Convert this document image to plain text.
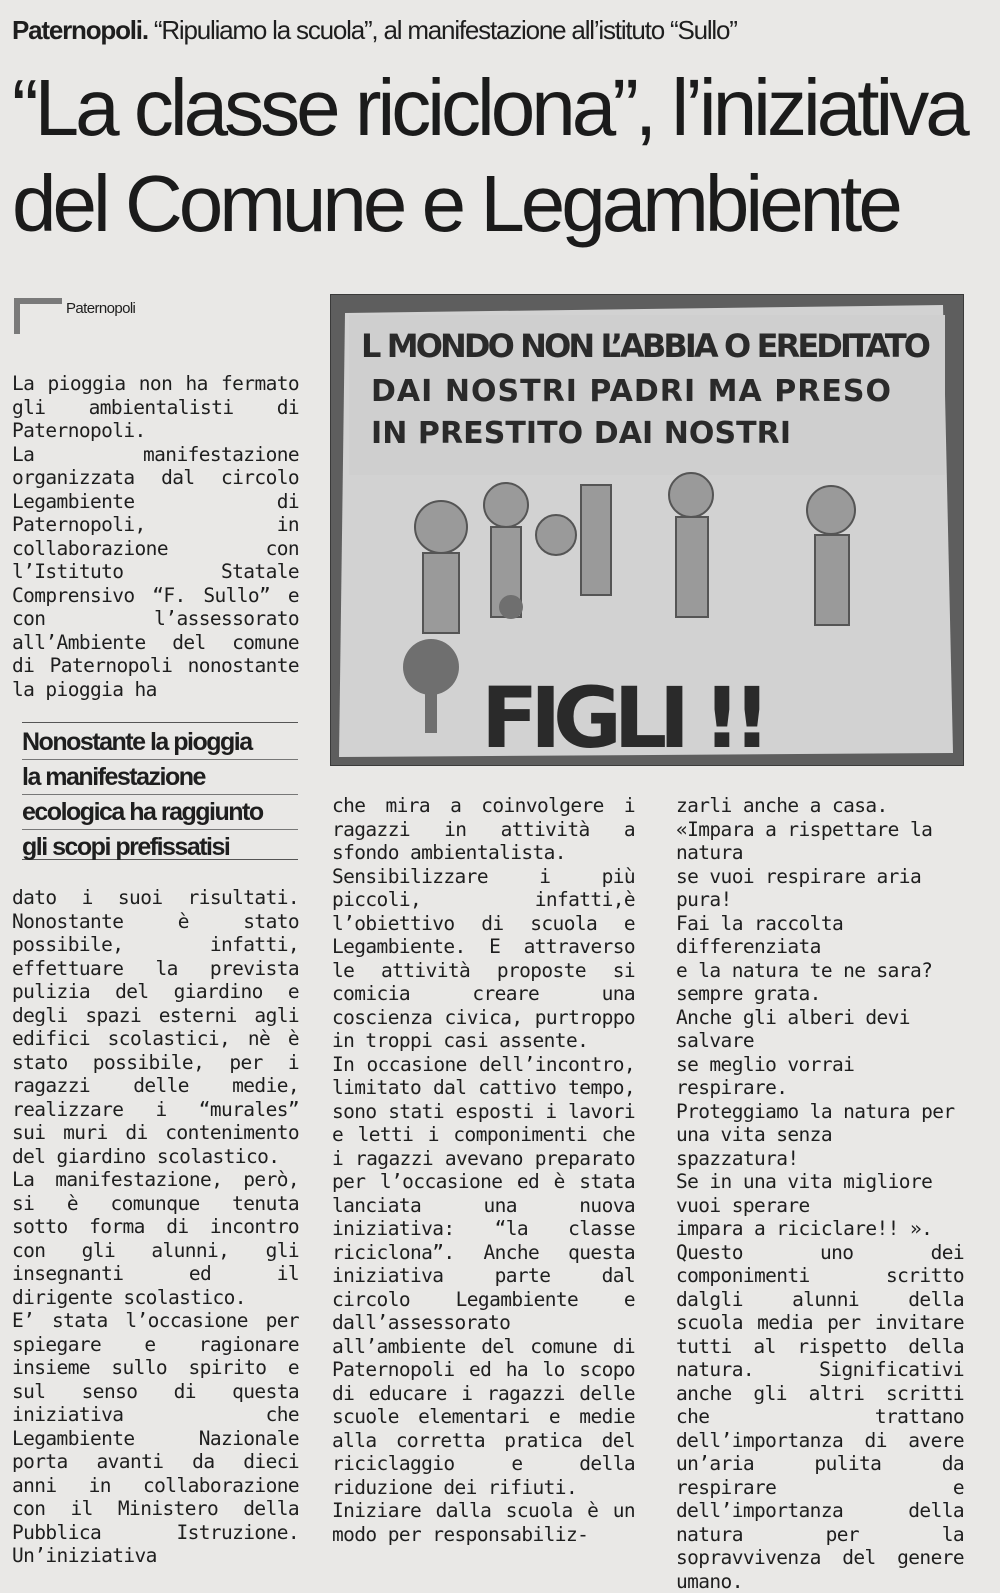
Paternopoli. “Ripuliamo la scuola”, al manifestazione all’istituto “Sullo”
“La classe riciclona”, l’iniziativa
del Comune e Legambiente
Paternopoli
L MONDO NON L’ABBIA O EREDITATO
DAI NOSTRI PADRI MA PRESO
IN PRESTITO DAI NOSTRI
FIGLI !!

La pioggia non ha fermato gli ambientalisti di Paternopoli.

La manifestazione organizzata dal circolo Legambiente di Paternopoli, in collaborazione con l’Istituto Statale Comprensivo “F. Sullo” e con l’assessorato all’Ambiente del comune di Paternopoli nonostante la pioggia ha

Nonostante la pioggia
la manifestazione
ecologica ha raggiunto
gli scopi prefissatisi

dato i suoi risultati. Nonostante è stato possibile, infatti, effettuare la prevista pulizia del giardino e degli spazi esterni agli edifici scolastici, nè è stato possibile, per i ragazzi delle medie, realizzare i “murales” sui muri di contenimento del giardino scolastico.

La manifestazione, però, si è comunque tenuta sotto forma di incontro con gli alunni, gli insegnanti ed il dirigente scolastico.

E’ stata l’occasione per spiegare e ragionare insieme sullo spirito e sul senso di questa iniziativa che Legambiente Nazionale porta avanti da dieci anni in collaborazione con il Ministero della Pubblica Istruzione. Un’iniziativa

che mira a coinvolgere i ragazzi in attività a sfondo ambientalista.

Sensibilizzare i più piccoli, infatti,è l’obiettivo di scuola e Legambiente. E attraverso le attività proposte si comicia creare una coscienza civica, purtroppo in troppi casi assente.

In occasione dell’incontro, limitato dal cattivo tempo, sono stati esposti i lavori e letti i componimenti che i ragazzi avevano preparato per l’occasione ed è stata lanciata una nuova iniziativa: “la classe riciclona”. Anche questa iniziativa parte dal circolo Legambiente e dall’assessorato all’ambiente del comune di Paternopoli ed ha lo scopo di educare i ragazzi delle scuole elementari e medie alla corretta pratica del riciclaggio e della riduzione dei rifiuti.

Iniziare dalla scuola è un modo per responsabiliz-

zarli anche a casa.

«Impara a rispettare la natura

se vuoi respirare aria pura!

Fai la raccolta differenziata

e la natura te ne sara? sempre grata.

Anche gli alberi devi salvare

se meglio vorrai respirare.

Proteggiamo la natura per una vita senza spazzatura!

Se in una vita migliore vuoi sperare

impara a riciclare!! ».

Questo uno dei componimenti scritto dalgli alunni della scuola media per invitare tutti al rispetto della natura. Significativi anche gli altri scritti che trattano dell’importanza di avere un’aria pulita da respirare e dell’importanza della natura per la sopravvivenza del genere umano.
